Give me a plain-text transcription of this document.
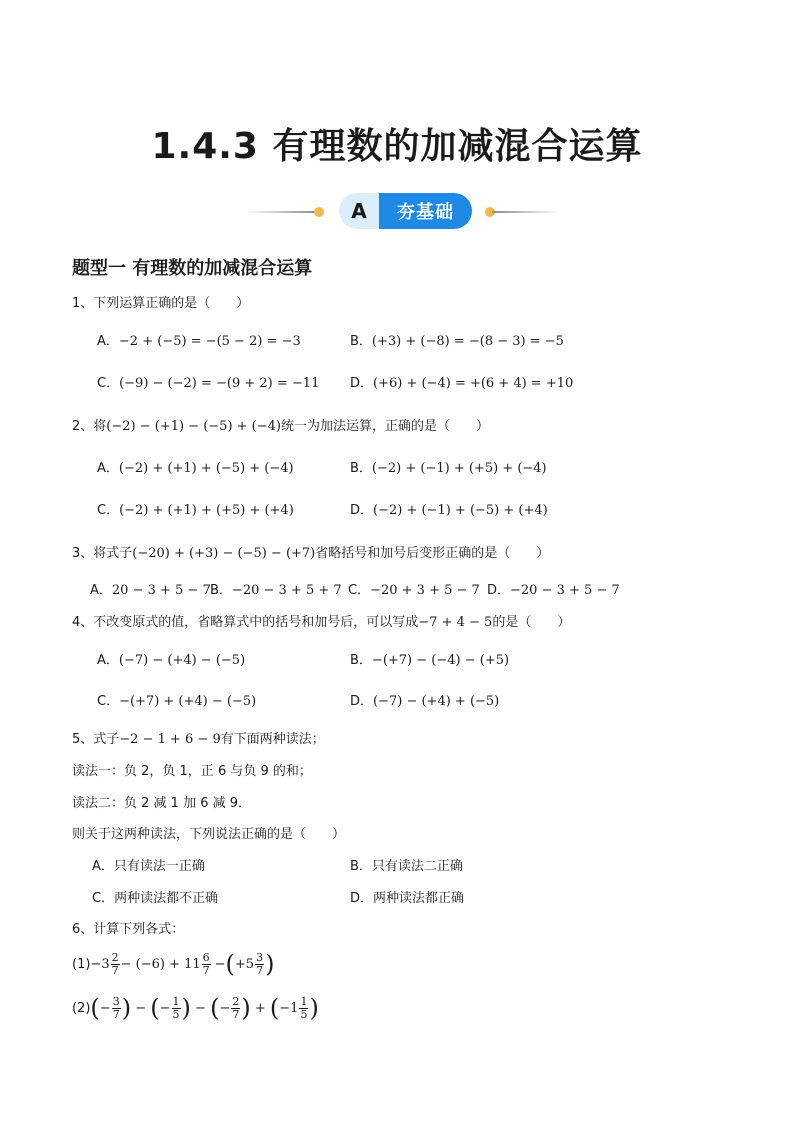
1.4.3 有理数的加减混合运算
A	夯基础
题型一 有理数的加减混合运算
1、下列运算正确的是（　　）
A．−2 + (−5) = −(5 − 2) = −3	B．(+3) + (−8) = −(8 − 3) = −5
C．(−9) − (−2) = −(9 + 2) = −11 D．(+6) + (−4) = +(6 + 4) = +10
2、将(−2) − (+1) − (−5) + (−4)统一为加法运算，正确的是（　　）
A．(−2) + (+1) + (−5) + (−4)	B．(−2) + (−1) + (+5) + (−4)
C．(−2) + (+1) + (+5) + (+4)	D．(−2) + (−1) + (−5) + (+4)
3、将式子(−20) + (+3) − (−5) − (+7)省略括号和加号后变形正确的是（　　）
A．20 − 3 + 5 − 7 B．−20 − 3 + 5 + 7 C．−20 + 3 + 5 − 7 D．−20 − 3 + 5 − 7
4、不改变原式的值，省略算式中的括号和加号后，可以写成−7 + 4 − 5的是（　　）
A．(−7) − (+4) − (−5)	B．−(+7) − (−4) − (+5)
C．−(+7) + (+4) − (−5)	D．(−7) − (+4) + (−5)
5、式子−2 − 1 + 6 − 9有下面两种读法；
读法一：负 2，负 1，正 6 与负 9 的和；
读法二：负 2 减 1 加 6 减 9．
则关于这两种读法，下列说法正确的是（　　）
A．只有读法一正确	B．只有读法二正确
C．两种读法都不正确	D．两种读法都正确
6、计算下列各式：
$(1) -3 \frac{2}{7} - (-6) + 11 \frac{6}{7}$ − ( $+5 \frac{3}{7}$ )
(2) ( − $\frac{3}{7}$ ) − ( − $\frac{1}{5}$ ) − ( − $\frac{2}{7}$ ) + ( $-1 \frac{1}{5}$ )
